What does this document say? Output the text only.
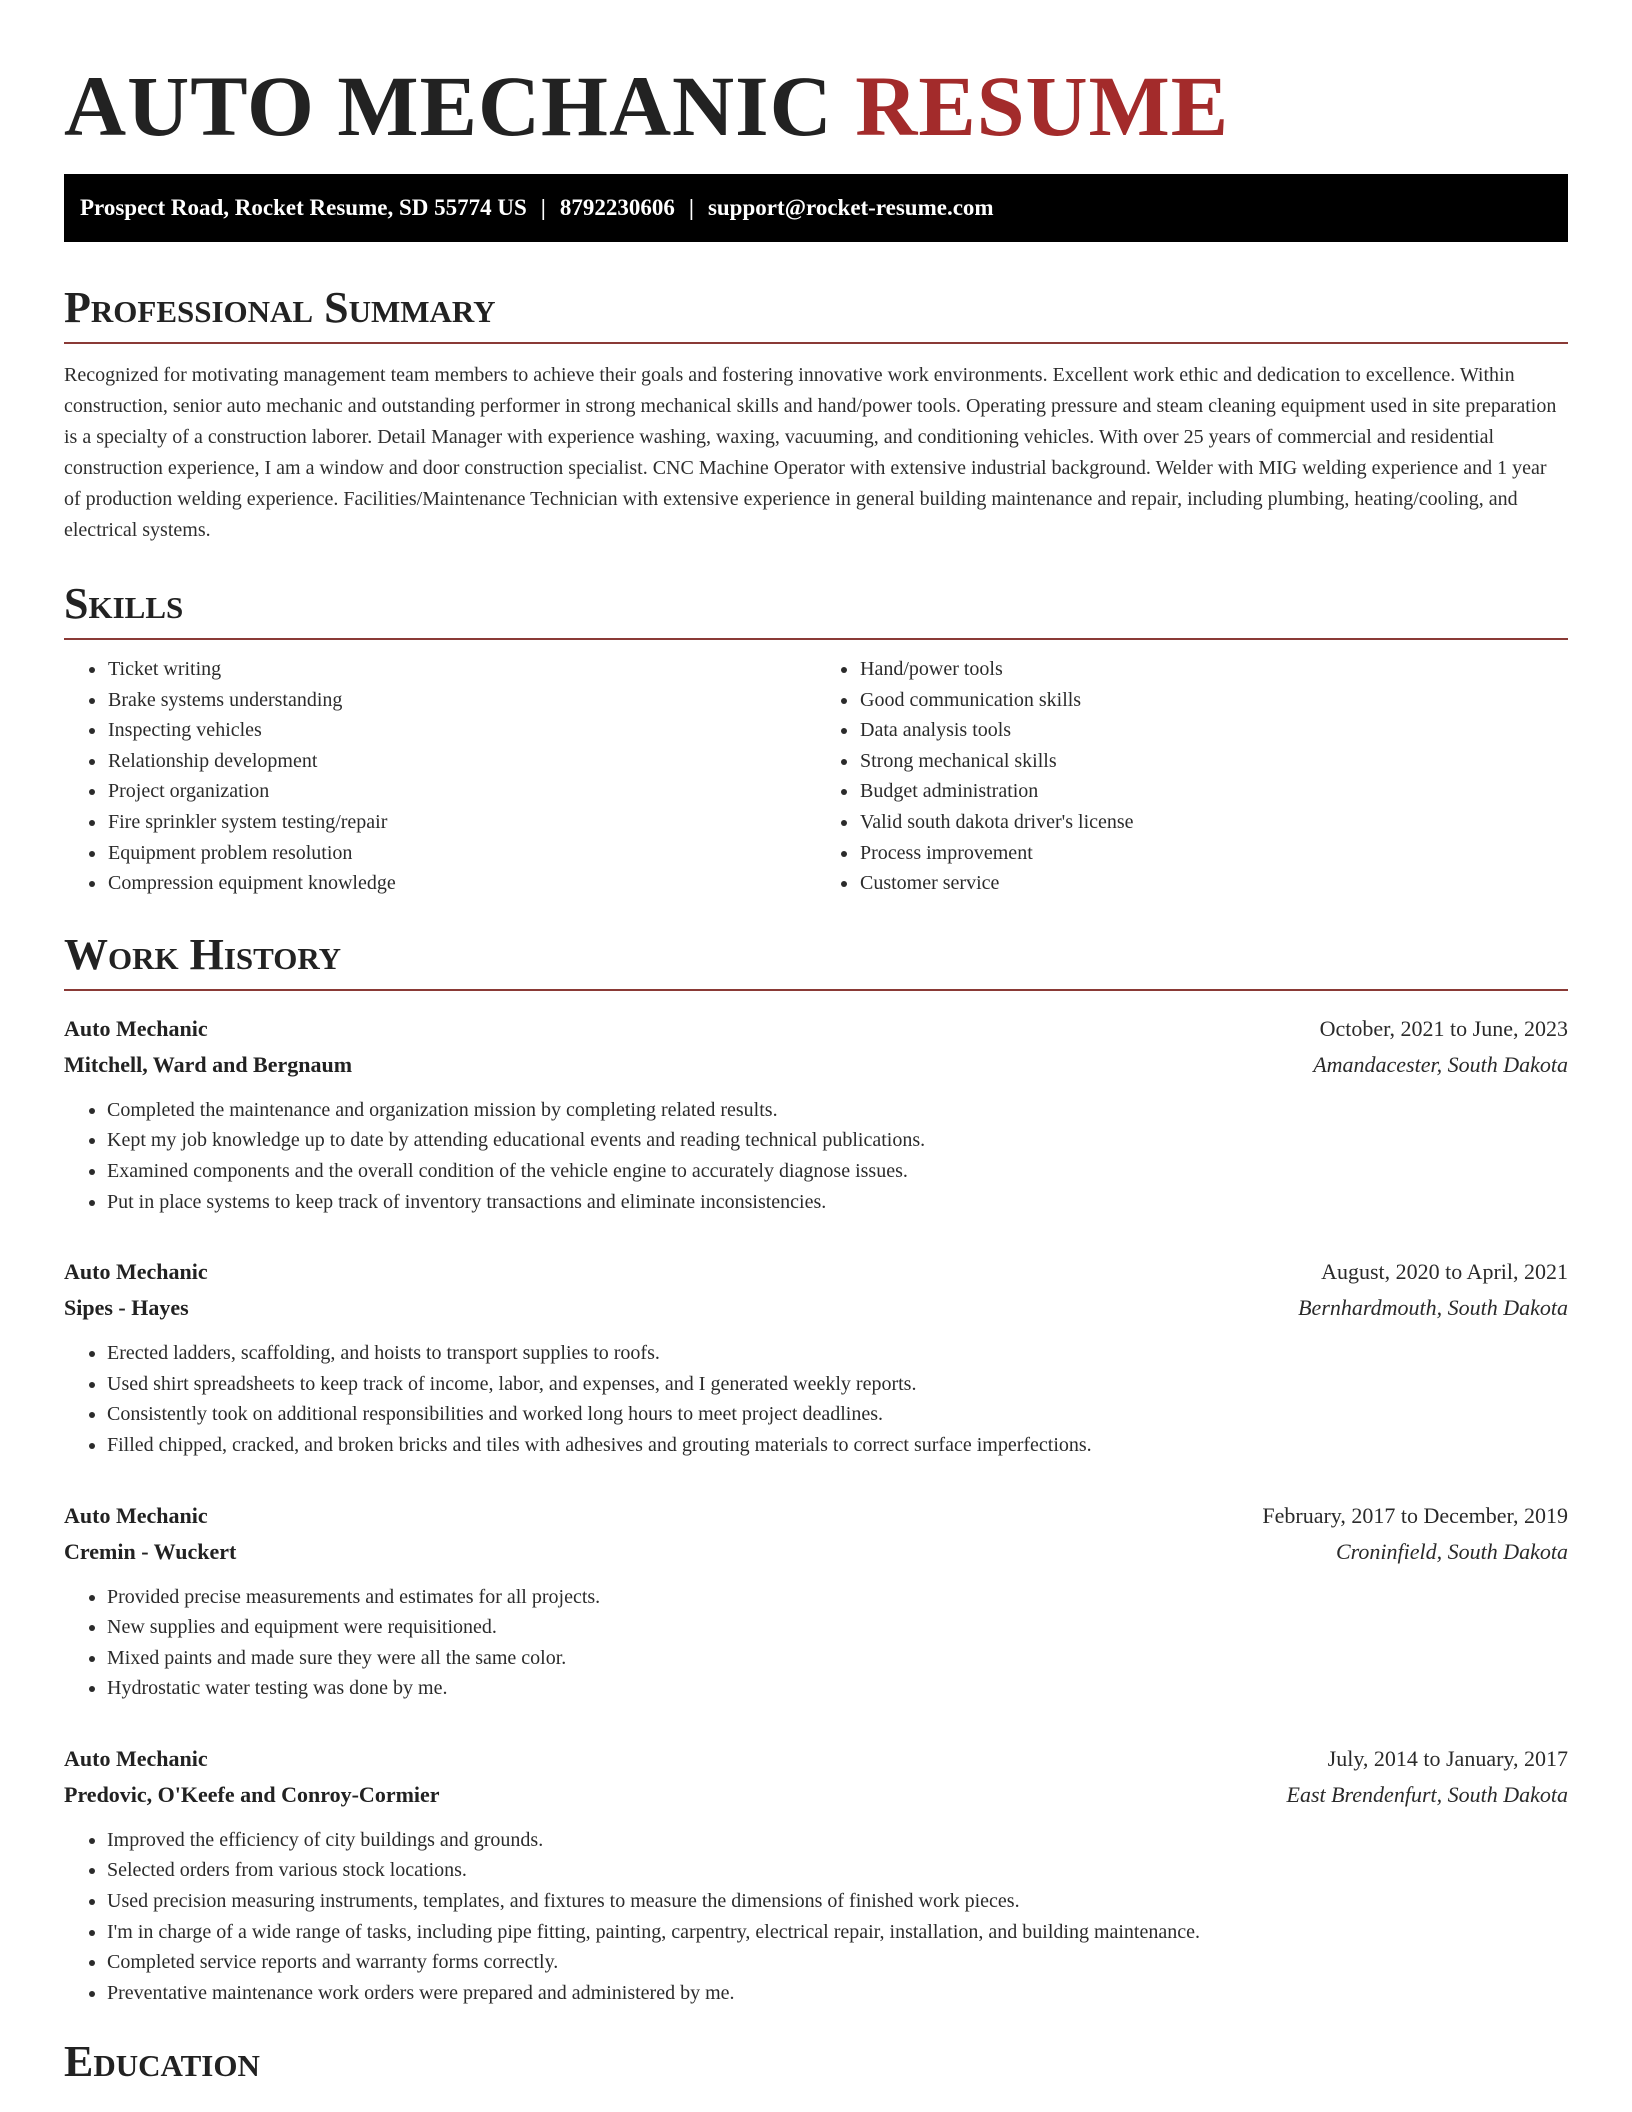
AUTO MECHANIC RESUME
Prospect Road, Rocket Resume, SD 55774 US | 8792230606 | support@rocket-resume.com
Professional Summary

Recognized for motivating management team members to achieve their goals and fostering innovative work environments. Excellent work ethic and dedication to excellence. Within construction, senior auto mechanic and outstanding performer in strong mechanical skills and hand/power tools. Operating pressure and steam cleaning equipment used in site preparation is a specialty of a construction laborer. Detail Manager with experience washing, waxing, vacuuming, and conditioning vehicles. With over 25 years of commercial and residential construction experience, I am a window and door construction specialist. CNC Machine Operator with extensive industrial background. Welder with MIG welding experience and 1 year of production welding experience. Facilities/Maintenance Technician with extensive experience in general building maintenance and repair, including plumbing, heating/cooling, and electrical systems.

Skills
• Ticket writing
• Brake systems understanding
• Inspecting vehicles
• Relationship development
• Project organization
• Fire sprinkler system testing/repair
• Equipment problem resolution
• Compression equipment knowledge
• Hand/power tools
• Good communication skills
• Data analysis tools
• Strong mechanical skills
• Budget administration
• Valid south dakota driver's license
• Process improvement
• Customer service
Work History
Auto Mechanic	October, 2021 to June, 2023
Mitchell, Ward and Bergnaum	Amandacester, South Dakota
• Completed the maintenance and organization mission by completing related results.
• Kept my job knowledge up to date by attending educational events and reading technical publications.
• Examined components and the overall condition of the vehicle engine to accurately diagnose issues.
• Put in place systems to keep track of inventory transactions and eliminate inconsistencies.
Auto Mechanic	August, 2020 to April, 2021
Sipes - Hayes	Bernhardmouth, South Dakota
• Erected ladders, scaffolding, and hoists to transport supplies to roofs.
• Used shirt spreadsheets to keep track of income, labor, and expenses, and I generated weekly reports.
• Consistently took on additional responsibilities and worked long hours to meet project deadlines.
• Filled chipped, cracked, and broken bricks and tiles with adhesives and grouting materials to correct surface imperfections.
Auto Mechanic	February, 2017 to December, 2019
Cremin - Wuckert	Croninfield, South Dakota
• Provided precise measurements and estimates for all projects.
• New supplies and equipment were requisitioned.
• Mixed paints and made sure they were all the same color.
• Hydrostatic water testing was done by me.
Auto Mechanic	July, 2014 to January, 2017
Predovic, O'Keefe and Conroy-Cormier	East Brendenfurt, South Dakota
• Improved the efficiency of city buildings and grounds.
• Selected orders from various stock locations.
• Used precision measuring instruments, templates, and fixtures to measure the dimensions of finished work pieces.
• I'm in charge of a wide range of tasks, including pipe fitting, painting, carpentry, electrical repair, installation, and building maintenance.
• Completed service reports and warranty forms correctly.
• Preventative maintenance work orders were prepared and administered by me.
Education
